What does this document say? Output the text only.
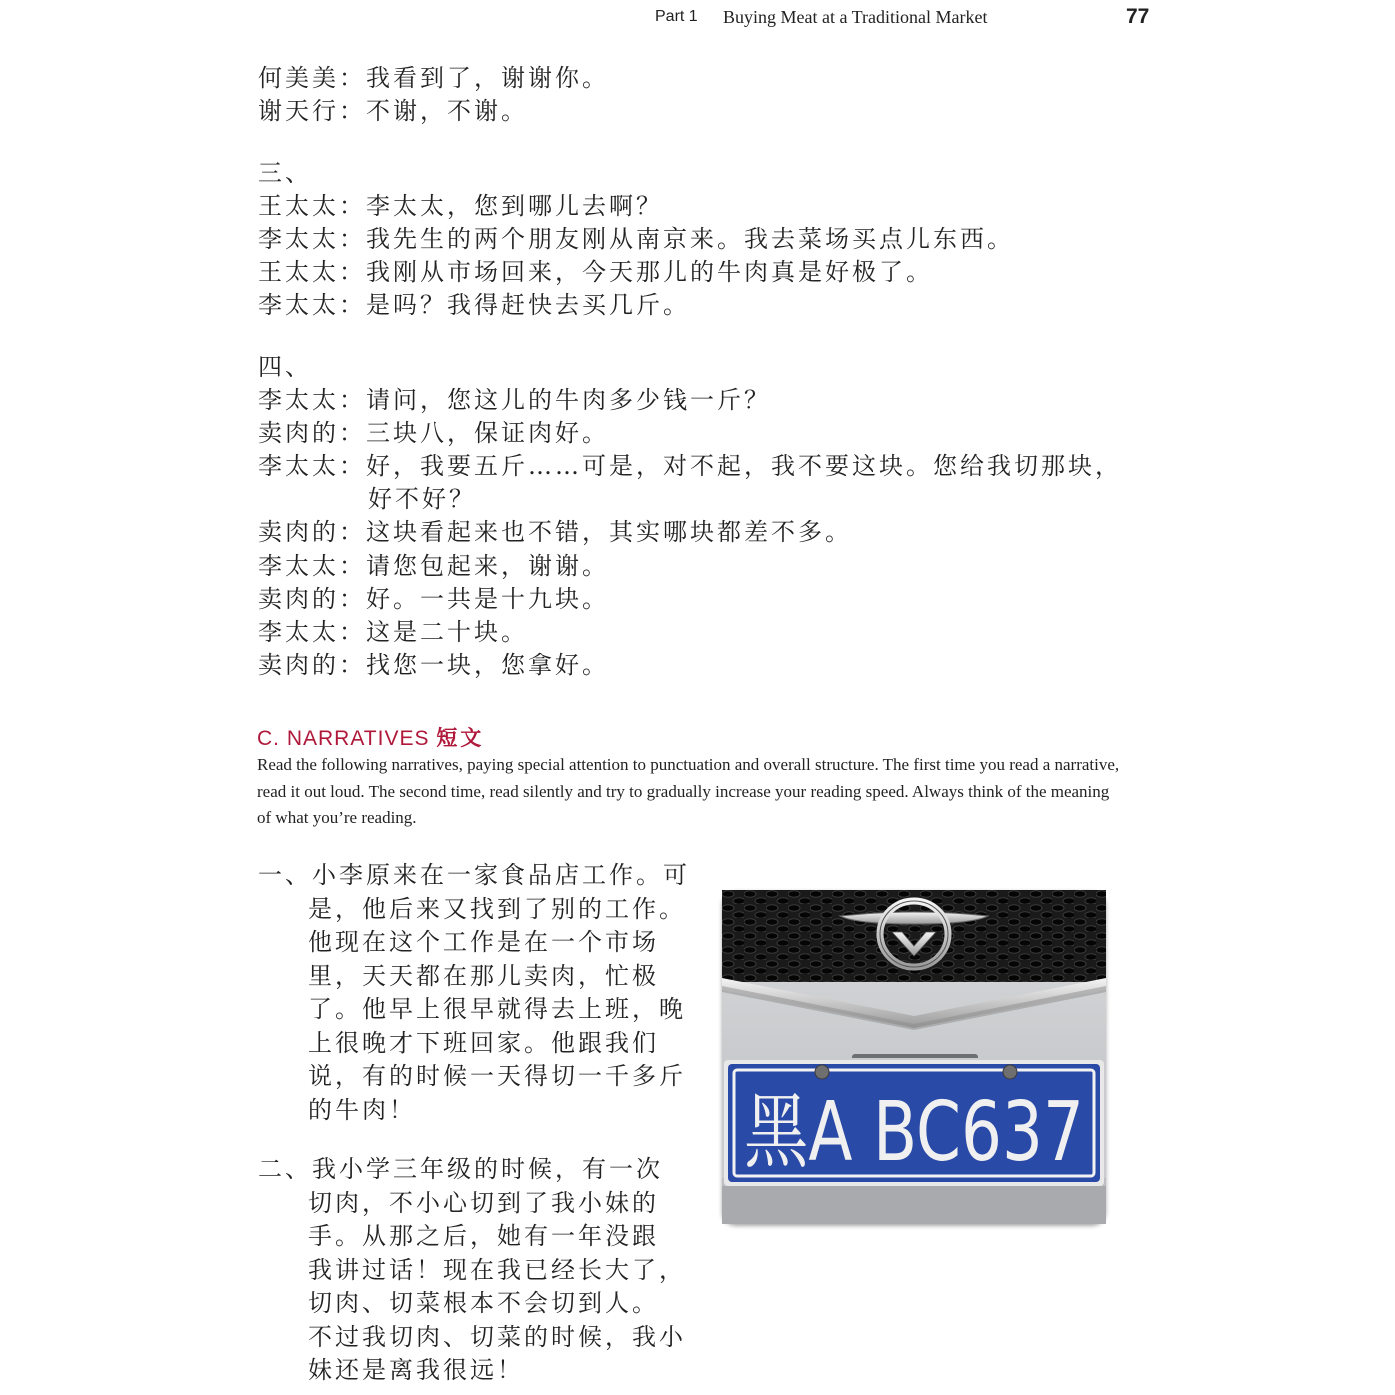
Part 1 Buying Meat at a Traditional Market	77
何美美：我看到了，谢谢你。
谢天行：不谢，不谢。
三、
王太太：李太太，您到哪儿去啊？
李太太：我先生的两个朋友刚从南京来。我去菜场买点儿东西。
王太太：我刚从市场回来，今天那儿的牛肉真是好极了。
李太太：是吗？我得赶快去买几斤。
四、
李太太：请问，您这儿的牛肉多少钱一斤？
卖肉的：三块八，保证肉好。
李太太：好，我要五斤……可是，对不起，我不要这块。您给我切那块，
好不好？
卖肉的：这块看起来也不错，其实哪块都差不多。
李太太：请您包起来，谢谢。
卖肉的：好。一共是十九块。
李太太：这是二十块。
卖肉的：找您一块，您拿好。
C. NARRATIVES 短文
Read the following narratives, paying special attention to punctuation and overall structure. The first time you read a narrative, read it out loud. The second time, read silently and try to gradually increase your reading speed. Always think of the meaning of what you’re reading.
一、小李原来在一家食品店工作。可
是，他后来又找到了别的工作。
他现在这个工作是在一个市场
里，天天都在那儿卖肉，忙极
了。他早上很早就得去上班，晚
上很晚才下班回家。他跟我们
说，有的时候一天得切一千多斤
的牛肉！
二、我小学三年级的时候，有一次
切肉，不小心切到了我小妹的
手。从那之后，她有一年没跟
我讲过话！现在我已经长大了，
切肉、切菜根本不会切到人。
不过我切肉、切菜的时候，我小
妹还是离我很远！
黑A BC637
